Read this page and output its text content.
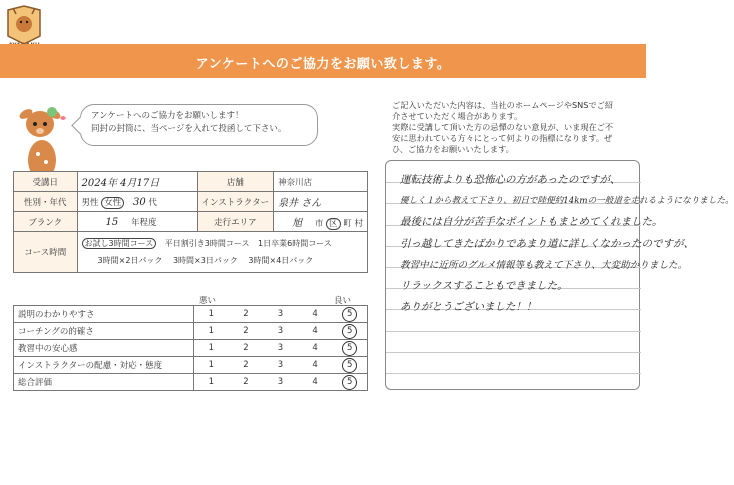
アンケートへのご協力をお願い致します。
アンケートへのご協力をお願いします！
同封の封筒に、当ページを入れて投函して下さい。
受講日	2024年 4月17日	店舗	神奈川店
性別・年代	男性 女性 30 代	インストラクター	泉井 さん
ブランク	15 年程度	走行エリア	旭 市 区 町 村
コース時間	お試し3時間コース 平日割引き3時間コース 1日卒業6時間コース
3時間×2日パック 3時間×3日パック 3時間×4日パック		
悪い	良い
説明のわかりやすさ	1	2	3	4	5
コーチングの的確さ	1	2	3	4	5
教習中の安心感	1	2	3	4	5
インストラクターの配慮・対応・態度	1	2	3	4	5
総合評価	1	2	3	4	5
ご記入いただいた内容は、当社のホームページやSNSでご紹
介させていただく場合があります。
実際に受講して頂いた方の忌憚のない意見が、いま現在ご不
安に思われている方々にとって何よりの指標になります。ぜ
ひ、ご協力をお願いいたします。
運転技術よりも恐怖心の方があったのですが、
優しく１から教えて下さり、初日で陸便約14kmの一般道を走れるようになりました。
最後には自分が苦手なポイントもまとめてくれました。
引っ越してきたばかりであまり道に詳しくなかったのですが、
教習中に近所のグルメ情報等も教えて下さり、大変助かりました。
リラックスすることもできました。
ありがとうございました！！
